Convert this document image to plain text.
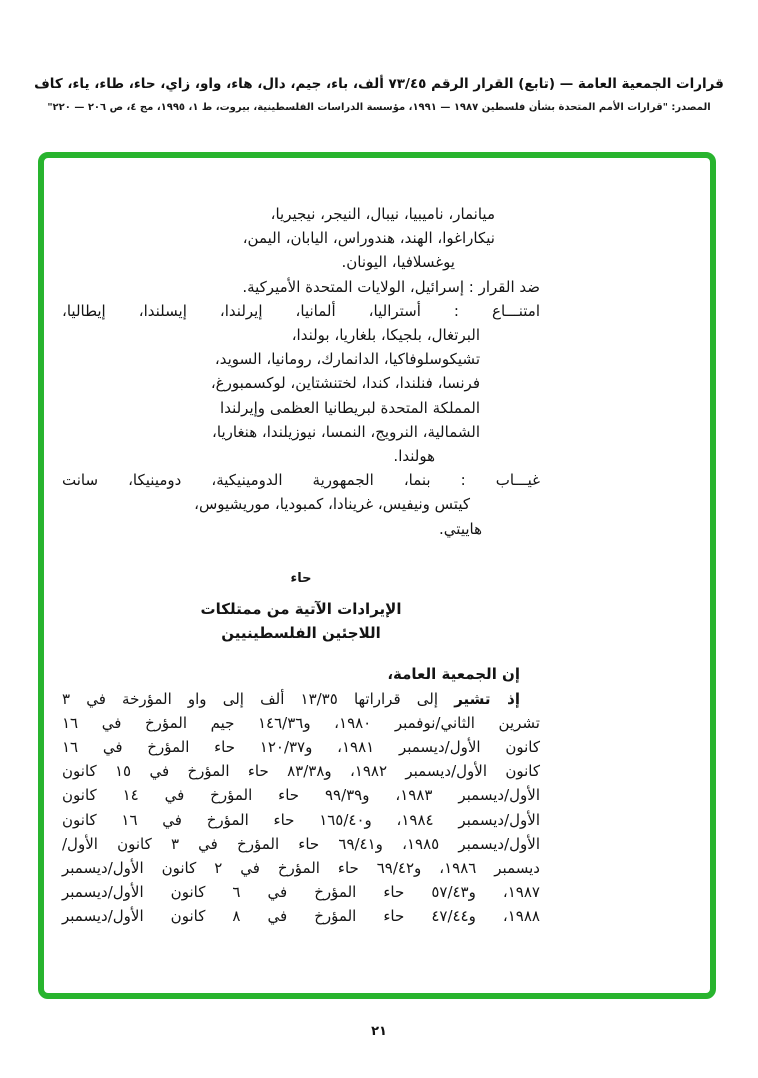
قرارات الجمعية العامة — (تابع) القرار الرقم ٧٣/٤٥ ألف، باء، جيم، دال، هاء، واو، زاي، حاء، طاء، ياء، كاف
المصدر: "قرارات الأمم المتحدة بشأن فلسطين ١٩٨٧ — ١٩٩١، مؤسسة الدراسات الفلسطينية، بيروت، ط ١، ١٩٩٥، مج ٤، ص ٢٠٦ — ٢٢٠"
ميانمار، ناميبيا، نيبال، النيجر، نيجيريا،
نيكاراغوا، الهند، هندوراس، اليابان، اليمن،
يوغسلافيا، اليونان.
ضد القرار : إسرائيل، الولايات المتحدة الأميركية.
امتنـــاع : أستراليا، ألمانيا، إيرلندا، إيسلندا، إيطاليا،
البرتغال، بلجيكا، بلغاريا، بولندا،
تشيكوسلوفاكيا، الدانمارك، رومانيا، السويد،
فرنسا، فنلندا، كندا، لختنشتاين، لوكسمبورغ،
المملكة المتحدة لبريطانيا العظمى وإيرلندا
الشمالية، النرويج، النمسا، نيوزيلندا، هنغاريا،
هولندا.
غيـــاب : بنما، الجمهورية الدومينيكية، دومينيكا، سانت
كيتس ونيفيس، غرينادا، كمبوديا، موريشيوس،
هاييتي.
حاء
الإيرادات الآتية من ممتلكات
اللاجئين الفلسطينيين
إن الجمعية العامة،
إذ تشير إلى قراراتها ١٣/٣٥ ألف إلى واو المؤرخة في ٣
تشرين الثاني/نوفمبر ١٩٨٠، و١٤٦/٣٦ جيم المؤرخ في ١٦
كانون الأول/ديسمبر ١٩٨١، و١٢٠/٣٧ حاء المؤرخ في ١٦
كانون الأول/ديسمبر ١٩٨٢، و٨٣/٣٨ حاء المؤرخ في ١٥ كانون
الأول/ديسمبر ١٩٨٣، و٩٩/٣٩ حاء المؤرخ في ١٤ كانون
الأول/ديسمبر ١٩٨٤، و١٦٥/٤٠ حاء المؤرخ في ١٦ كانون
الأول/ديسمبر ١٩٨٥، و٦٩/٤١ حاء المؤرخ في ٣ كانون الأول/
ديسمبر ١٩٨٦، و٦٩/٤٢ حاء المؤرخ في ٢ كانون الأول/ديسمبر
١٩٨٧، و٥٧/٤٣ حاء المؤرخ في ٦ كانون الأول/ديسمبر
١٩٨٨، و٤٧/٤٤ حاء المؤرخ في ٨ كانون الأول/ديسمبر
٢١
